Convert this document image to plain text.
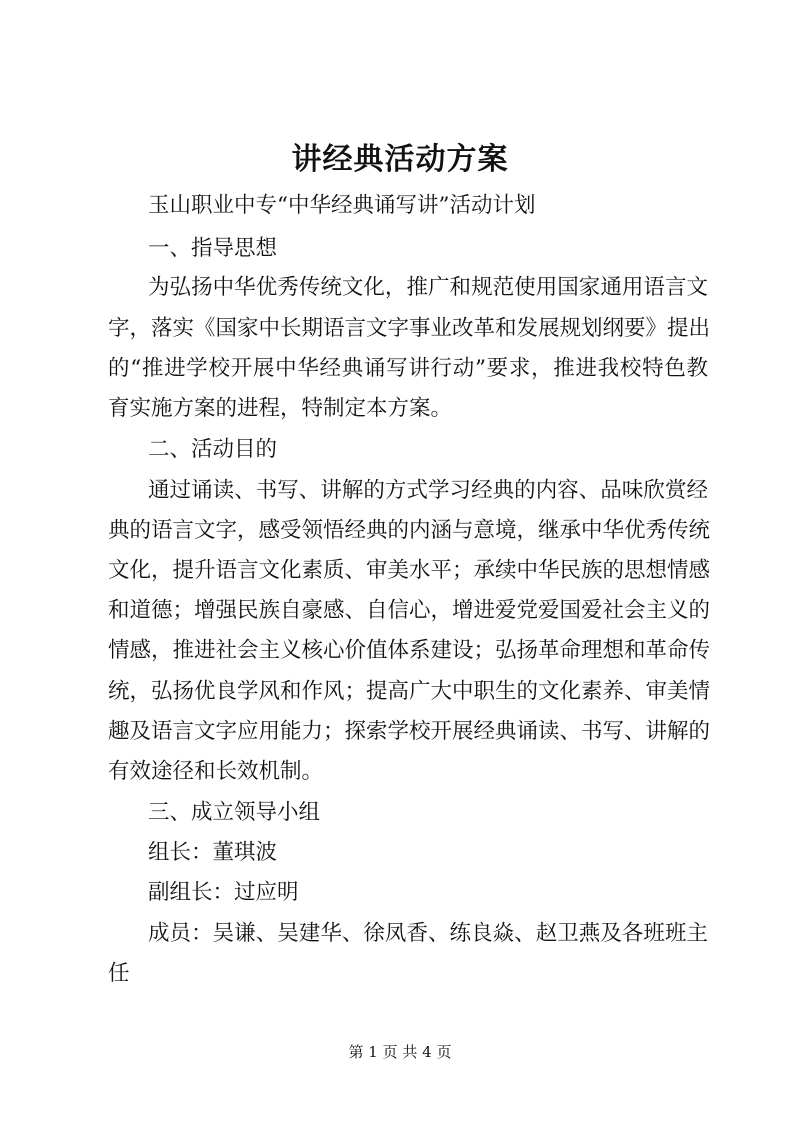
讲经典活动方案
玉山职业中专“中华经典诵写讲”活动计划
一、指导思想
为弘扬中华优秀传统文化，推广和规范使用国家通用语言文
字，落实《国家中长期语言文字事业改革和发展规划纲要》提出
的“推进学校开展中华经典诵写讲行动”要求，推进我校特色教
育实施方案的进程，特制定本方案。
二、活动目的
通过诵读、书写、讲解的方式学习经典的内容、品味欣赏经
典的语言文字，感受领悟经典的内涵与意境，继承中华优秀传统
文化，提升语言文化素质、审美水平；承续中华民族的思想情感
和道德；增强民族自豪感、自信心，增进爱党爱国爱社会主义的
情感，推进社会主义核心价值体系建设；弘扬革命理想和革命传
统，弘扬优良学风和作风；提高广大中职生的文化素养、审美情
趣及语言文字应用能力；探索学校开展经典诵读、书写、讲解的
有效途径和长效机制。
三、成立领导小组
组长：董琪波
副组长：过应明
成员：吴谦、吴建华、徐凤香、练良焱、赵卫燕及各班班主
任
第 1 页 共 4 页
